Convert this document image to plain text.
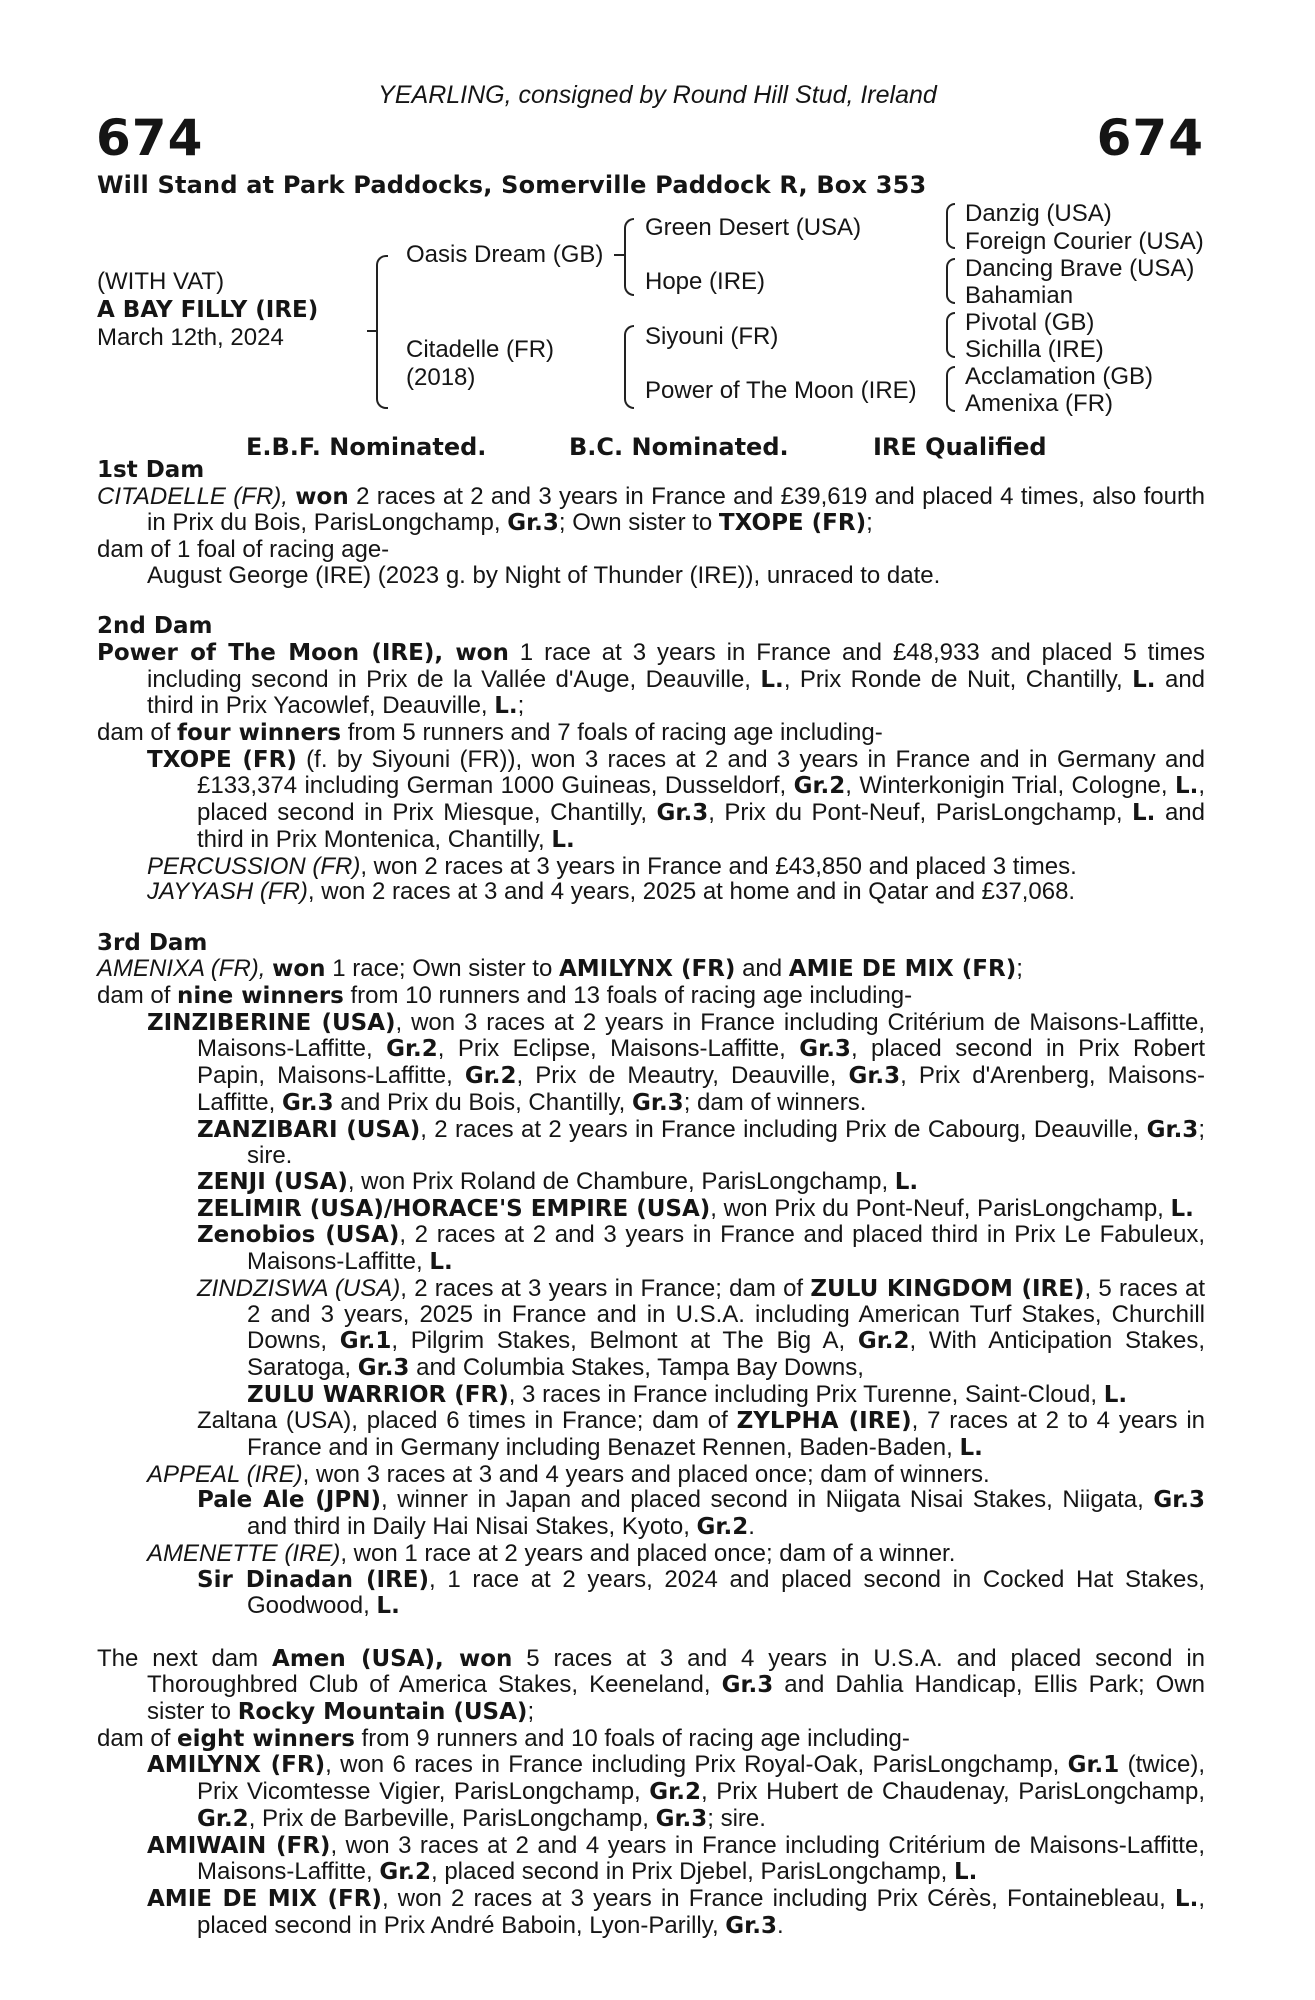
YEARLING, consigned by Round Hill Stud, Ireland
674	674
Will Stand at Park Paddocks, Somerville Paddock R, Box 353
(WITH VAT)
A BAY FILLY (IRE)
March 12th, 2024
Oasis Dream (GB)
Citadelle (FR)
(2018)
Green Desert (USA)
Hope (IRE)
Siyouni (FR)
Power of The Moon (IRE)
Danzig (USA)
Foreign Courier (USA)
Dancing Brave (USA)
Bahamian
Pivotal (GB)
Sichilla (IRE)
Acclamation (GB)
Amenixa (FR)
E.B.F. Nominated.	B.C. Nominated.	IRE Qualified
1st Dam

CITADELLE (FR), won 2 races at 2 and 3 years in France and £39,619 and placed 4 times, also fourth in Prix du Bois, ParisLongchamp, Gr.3; Own sister to TXOPE (FR);

dam of 1 foal of racing age-

August George (IRE) (2023 g. by Night of Thunder (IRE)), unraced to date.

2nd Dam

Power of The Moon (IRE), won 1 race at 3 years in France and £48,933 and placed 5 times including second in Prix de la Vallée d'Auge, Deauville, L., Prix Ronde de Nuit, Chantilly, L. and third in Prix Yacowlef, Deauville, L.;

dam of four winners from 5 runners and 7 foals of racing age including-

TXOPE (FR) (f. by Siyouni (FR)), won 3 races at 2 and 3 years in France and in Germany and £133,374 including German 1000 Guineas, Dusseldorf, Gr.2, Winterkonigin Trial, Cologne, L., placed second in Prix Miesque, Chantilly, Gr.3, Prix du Pont-Neuf, ParisLongchamp, L. and third in Prix Montenica, Chantilly, L.

PERCUSSION (FR), won 2 races at 3 years in France and £43,850 and placed 3 times.

JAYYASH (FR), won 2 races at 3 and 4 years, 2025 at home and in Qatar and £37,068.

3rd Dam

AMENIXA (FR), won 1 race; Own sister to AMILYNX (FR) and AMIE DE MIX (FR);

dam of nine winners from 10 runners and 13 foals of racing age including-

ZINZIBERINE (USA), won 3 races at 2 years in France including Critérium de Maisons-Laffitte, Maisons-Laffitte, Gr.2, Prix Eclipse, Maisons-Laffitte, Gr.3, placed second in Prix Robert Papin, Maisons-Laffitte, Gr.2, Prix de Meautry, Deauville, Gr.3, Prix d'Arenberg, Maisons-Laffitte, Gr.3 and Prix du Bois, Chantilly, Gr.3; dam of winners.

ZANZIBARI (USA), 2 races at 2 years in France including Prix de Cabourg, Deauville, Gr.3; sire.

ZENJI (USA), won Prix Roland de Chambure, ParisLongchamp, L.

ZELIMIR (USA)/HORACE'S EMPIRE (USA), won Prix du Pont-Neuf, ParisLongchamp, L.

Zenobios (USA), 2 races at 2 and 3 years in France and placed third in Prix Le Fabuleux, Maisons-Laffitte, L.

ZINDZISWA (USA), 2 races at 3 years in France; dam of ZULU KINGDOM (IRE), 5 races at 2 and 3 years, 2025 in France and in U.S.A. including American Turf Stakes, Churchill Downs, Gr.1, Pilgrim Stakes, Belmont at The Big A, Gr.2, With Anticipation Stakes, Saratoga, Gr.3 and Columbia Stakes, Tampa Bay Downs,

ZULU WARRIOR (FR), 3 races in France including Prix Turenne, Saint-Cloud, L.

Zaltana (USA), placed 6 times in France; dam of ZYLPHA (IRE), 7 races at 2 to 4 years in France and in Germany including Benazet Rennen, Baden-Baden, L.

APPEAL (IRE), won 3 races at 3 and 4 years and placed once; dam of winners.

Pale Ale (JPN), winner in Japan and placed second in Niigata Nisai Stakes, Niigata, Gr.3 and third in Daily Hai Nisai Stakes, Kyoto, Gr.2.

AMENETTE (IRE), won 1 race at 2 years and placed once; dam of a winner.

Sir Dinadan (IRE), 1 race at 2 years, 2024 and placed second in Cocked Hat Stakes, Goodwood, L.

The next dam Amen (USA), won 5 races at 3 and 4 years in U.S.A. and placed second in Thoroughbred Club of America Stakes, Keeneland, Gr.3 and Dahlia Handicap, Ellis Park; Own sister to Rocky Mountain (USA);

dam of eight winners from 9 runners and 10 foals of racing age including-

AMILYNX (FR), won 6 races in France including Prix Royal-Oak, ParisLongchamp, Gr.1 (twice), Prix Vicomtesse Vigier, ParisLongchamp, Gr.2, Prix Hubert de Chaudenay, ParisLongchamp, Gr.2, Prix de Barbeville, ParisLongchamp, Gr.3; sire.

AMIWAIN (FR), won 3 races at 2 and 4 years in France including Critérium de Maisons-Laffitte, Maisons-Laffitte, Gr.2, placed second in Prix Djebel, ParisLongchamp, L.

AMIE DE MIX (FR), won 2 races at 3 years in France including Prix Cérès, Fontainebleau, L., placed second in Prix André Baboin, Lyon-Parilly, Gr.3.
